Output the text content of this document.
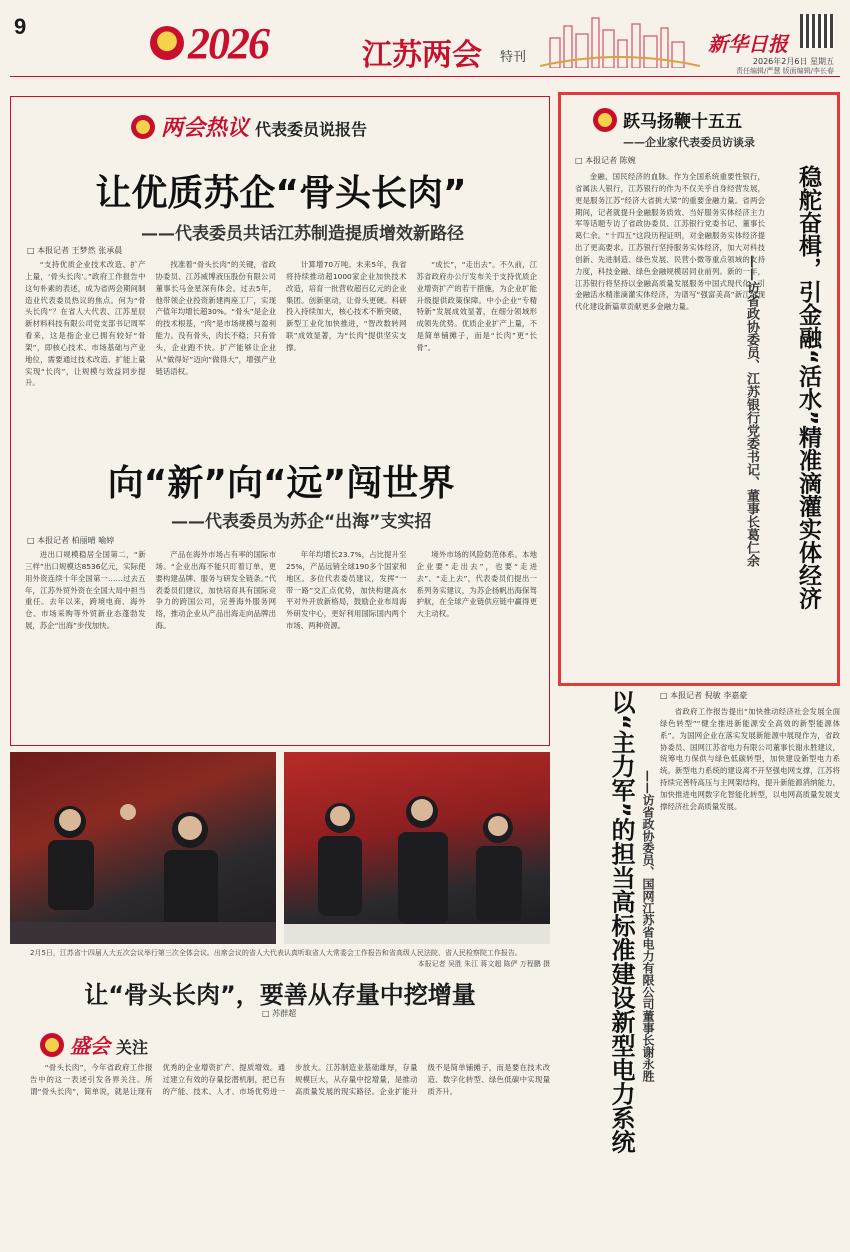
9	2026	江苏两会 特刊
新华日报
2026年2月6日 星期五
责任编辑/严慧 版面编辑/李长春
两会热议 代表委员说报告
让优质苏企“骨头长肉”
——代表委员共话江苏制造提质增效新路径
□ 本报记者 王梦然 张承晨

“支持优质企业技术改造、扩产上量，‘骨头长肉’。”政府工作报告中这句朴素的表述，成为省两会期间制造业代表委员热议的焦点。何为“骨头长肉”？在省人大代表、江苏星辰新材料科技有限公司党支部书记周军看来，这是指企业已拥有较好“骨架”，即核心技术、市场基础与产业地位，需要通过技术改造、扩能上量实现“长肉”，让规模与效益同步提升。

找准着“骨头长肉”的关键，省政协委员、江苏威博液压股份有限公司董事长马金星深有体会。过去5年，他带领企业投资新建两座工厂，实现产值年均增长超30%。“骨头”是企业的技术根基，“肉”是市场规模与盈利能力。没有骨头，肉长不稳；只有骨头，企业跑不快。扩产能够让企业从“做得好”迈向“做得大”，增强产业链话语权。

计算增70万吨。未来5年，我省将持续推动超1000家企业加快技术改造，培育一批营收超百亿元的企业集团。创新驱动，让骨头更硬。科研投入持续加大，核心技术不断突破，新型工业化加快推进，“智改数转网联”成效显著，为“长肉”提供坚实支撑。

“成长”，“走出去”。不久前，江苏省政府办公厅发布关于支持优质企业增资扩产的若干措施，为企业扩能升级提供政策保障。中小企业“专精特新”发展成效显著，在细分领域形成领先优势。优质企业扩产上量，不是简单铺摊子，而是“长肉”更“长骨”。

向“新”向“远”闯世界
——代表委员为苏企“出海”支实招
□ 本报记者 柏丽晴 喻婷

进出口规模稳居全国第二，“新三样”出口规模达8536亿元，实际使用外资连续十年全国第一……过去五年，江苏外贸外资在全国大局中担当重任。去年以来，跨境电商、海外仓、市场采购等外贸新业态蓬勃发展，苏企“出海”步伐加快。

产品在海外市场占有率的国际市场。“企业出海不能只盯着订单，更要构建品牌、服务与研发全链条。”代表委员们建议，加快培育具有国际竞争力的跨国公司，完善海外服务网络，推动企业从产品出海走向品牌出海。

年年均增长23.7%，占比提升至25%，产品远销全球190多个国家和地区。多位代表委员建议，发挥“一带一路”交汇点优势，加快构建高水平对外开放新格局，鼓励企业布局海外研发中心，更好利用国际国内两个市场、两种资源。

境外市场的风险防范体系。本地企业要“走出去”，也要“走进去”、“走上去”，代表委员们提出一系列务实建议，为苏企扬帆出海保驾护航，在全球产业链供应链中赢得更大主动权。

跃马扬鞭十五五
——企业家代表委员访谈录
□ 本报记者 陈婉

金融，国民经济的血脉。作为全国系统重要性银行，省属法人银行，江苏银行的作为不仅关乎自身经营发展，更是服务江苏“经济大省挑大梁”的重要金融力量。省两会期间，记者就提升金融服务质效、当好服务实体经济主力军等话题专访了省政协委员、江苏银行党委书记、董事长葛仁余。“十四五”这段历程证明，对金融服务实体经济提出了更高要求。江苏银行坚持服务实体经济，加大对科技创新、先进制造、绿色发展、民营小微等重点领域的支持力度，科技金融、绿色金融规模居同业前列。新的一年，江苏银行将坚持以金融高质量发展服务中国式现代化，引金融活水精准滴灌实体经济，为谱写“强富美高”新江苏现代化建设新篇章贡献更多金融力量。	稳舵奋楫，引金融“活水”精准滴灌实体经济
——访省政协委员、江苏银行党委书记、董事长葛仁余
以“主力军”的担当高标准建设新型电力系统 ——访省政协委员、国网江苏省电力有限公司董事长谢永胜
□ 本报记者 倪敏 李嘉豪

省政府工作报告提出“加快推动经济社会发展全面绿色转型”“健全推进新能源安全高效的新型能源体系”。为国网企业在落实发展新能源中展现作为，省政协委员、国网江苏省电力有限公司董事长谢永胜建议，统筹电力保供与绿色低碳转型，加快建设新型电力系统。新型电力系统的建设离不开坚强电网支撑，江苏将持续完善特高压与主网架结构，提升新能源消纳能力，加快推进电网数字化智能化转型，以电网高质量发展支撑经济社会高质量发展。

2月5日，江苏省十四届人大五次会议举行第三次全体会议。出席会议的省人大代表认真听取省人大常委会工作报告和省高级人民法院、省人民检察院工作报告。
本报记者 吴胜 朱江 蒋文超 陈俨 万程鹏 摄
让“骨头长肉”，要善从存量中挖增量
□ 苏群超
盛会 关注

“骨头长肉”，今年省政府工作报告中的这一表述引发各界关注。所谓“骨头长肉”，简单说，就是让现有优秀的企业增资扩产、提质增效。通过建立有效的存量挖潜机制，把已有的产能、技术、人才、市场优势进一步放大。江苏制造业基础雄厚，存量规模巨大，从存量中挖增量，是推动高质量发展的现实路径。企业扩能升级不是简单铺摊子，而是要在技术改造、数字化转型、绿色低碳中实现量质齐升。
